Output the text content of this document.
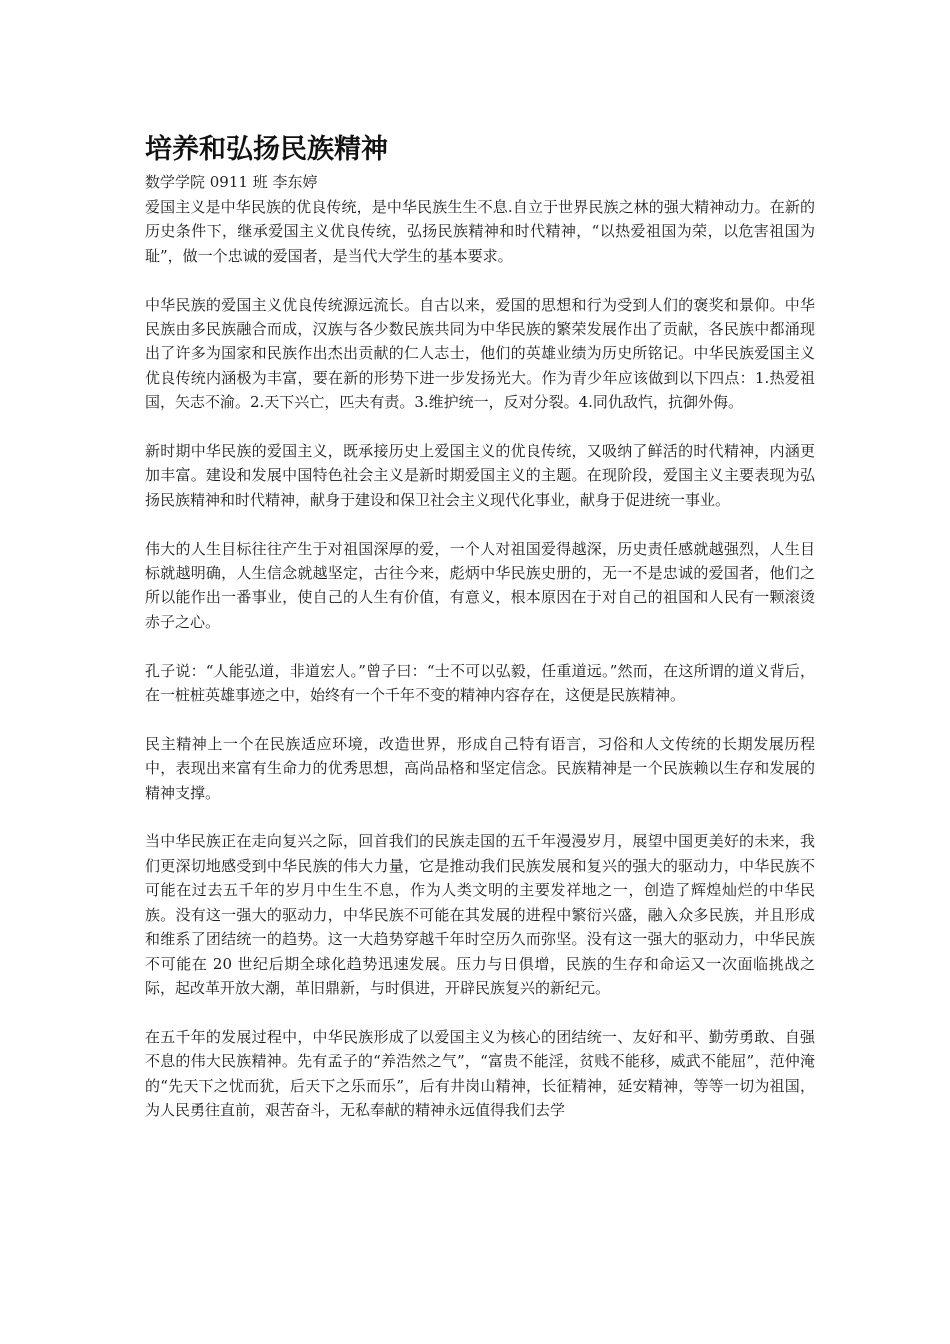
培养和弘扬民族精神

数学学院 0911 班 李东婷

爱国主义是中华民族的优良传统，是中华民族生生不息.自立于世界民族之林的强大精神动力。在新的历史条件下，继承爱国主义优良传统，弘扬民族精神和时代精神，“以热爱祖国为荣，以危害祖国为耻”，做一个忠诚的爱国者，是当代大学生的基本要求。

中华民族的爱国主义优良传统源远流长。自古以来，爱国的思想和行为受到人们的褒奖和景仰。中华民族由多民族融合而成，汉族与各少数民族共同为中华民族的繁荣发展作出了贡献，各民族中都涌现出了许多为国家和民族作出杰出贡献的仁人志士，他们的英雄业绩为历史所铭记。中华民族爱国主义优良传统内涵极为丰富，要在新的形势下进一步发扬光大。作为青少年应该做到以下四点：1.热爱祖国，矢志不渝。2.天下兴亡，匹夫有责。3.维护统一，反对分裂。4.同仇敌忾，抗御外侮。

新时期中华民族的爱国主义，既承接历史上爱国主义的优良传统，又吸纳了鲜活的时代精神，内涵更加丰富。建设和发展中国特色社会主义是新时期爱国主义的主题。在现阶段，爱国主义主要表现为弘扬民族精神和时代精神，献身于建设和保卫社会主义现代化事业，献身于促进统一事业。

伟大的人生目标往往产生于对祖国深厚的爱，一个人对祖国爱得越深，历史责任感就越强烈，人生目标就越明确，人生信念就越坚定，古往今来，彪炳中华民族史册的，无一不是忠诚的爱国者，他们之所以能作出一番事业，使自己的人生有价值，有意义，根本原因在于对自己的祖国和人民有一颗滚烫赤子之心。

孔子说：“人能弘道，非道宏人。”曾子曰：“士不可以弘毅，任重道远。”然而，在这所谓的道义背后，在一桩桩英雄事迹之中，始终有一个千年不变的精神内容存在，这便是民族精神。

民主精神上一个在民族适应环境，改造世界，形成自己特有语言，习俗和人文传统的长期发展历程中，表现出来富有生命力的优秀思想，高尚品格和坚定信念。民族精神是一个民族赖以生存和发展的精神支撑。

当中华民族正在走向复兴之际，回首我们的民族走国的五千年漫漫岁月，展望中国更美好的未来，我们更深切地感受到中华民族的伟大力量，它是推动我们民族发展和复兴的强大的驱动力，中华民族不可能在过去五千年的岁月中生生不息，作为人类文明的主要发祥地之一，创造了辉煌灿烂的中华民族。没有这一强大的驱动力，中华民族不可能在其发展的进程中繁衍兴盛，融入众多民族，并且形成和维系了团结统一的趋势。这一大趋势穿越千年时空历久而弥坚。没有这一强大的驱动力，中华民族不可能在 20 世纪后期全球化趋势迅速发展。压力与日俱增，民族的生存和命运又一次面临挑战之际，起改革开放大潮，革旧鼎新，与时俱进，开辟民族复兴的新纪元。

在五千年的发展过程中，中华民族形成了以爱国主义为核心的团结统一、友好和平、勤劳勇敢、自强不息的伟大民族精神。先有孟子的“养浩然之气”，“富贵不能淫，贫贱不能移，威武不能屈”，范仲淹的“先天下之忧而犹，后天下之乐而乐”，后有井岗山精神，长征精神，延安精神，等等一切为祖国，为人民勇往直前，艰苦奋斗，无私奉献的精神永远值得我们去学
